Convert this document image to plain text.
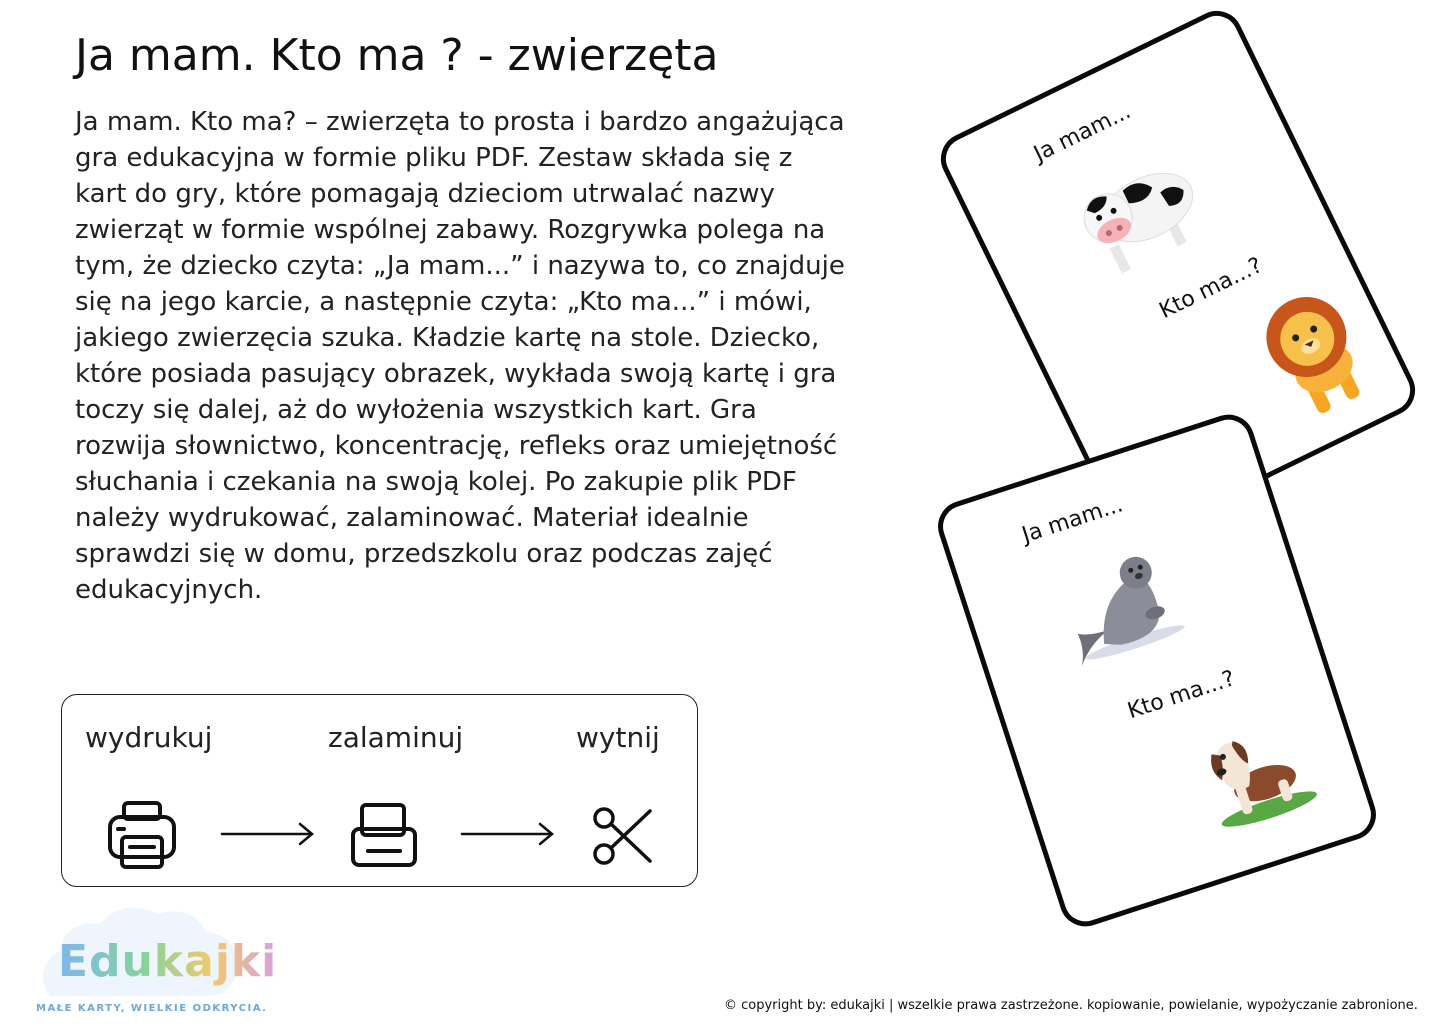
Ja mam. Kto ma ? - zwierzęta

Ja mam. Kto ma? – zwierzęta to prosta i bardzo angażująca gra edukacyjna w formie pliku PDF. Zestaw składa się z kart do gry, które pomagają dzieciom utrwalać nazwy zwierząt w formie wspólnej zabawy. Rozgrywka polega na tym, że dziecko czyta: „Ja mam...” i nazywa to, co znajduje się na jego karcie, a następnie czyta: „Kto ma...” i mówi, jakiego zwierzęcia szuka. Kładzie kartę na stole. Dziecko, które posiada pasujący obrazek, wykłada swoją kartę i gra toczy się dalej, aż do wyłożenia wszystkich kart. Gra rozwija słownictwo, koncentrację, refleks oraz umiejętność słuchania i czekania na swoją kolej. Po zakupie plik PDF należy wydrukować, zalaminować. Materiał idealnie sprawdzi się w domu, przedszkolu oraz podczas zajęć edukacyjnych.

wydrukuj	zalaminuj	wytnij
Ja mam...
Kto ma...?
Ja mam...
Kto ma...?
Edukajki
MAŁE KARTY, WIELKIE ODKRYCIA.	© copyright by: edukajki | wszelkie prawa zastrzeżone. kopiowanie, powielanie, wypożyczanie zabronione.
